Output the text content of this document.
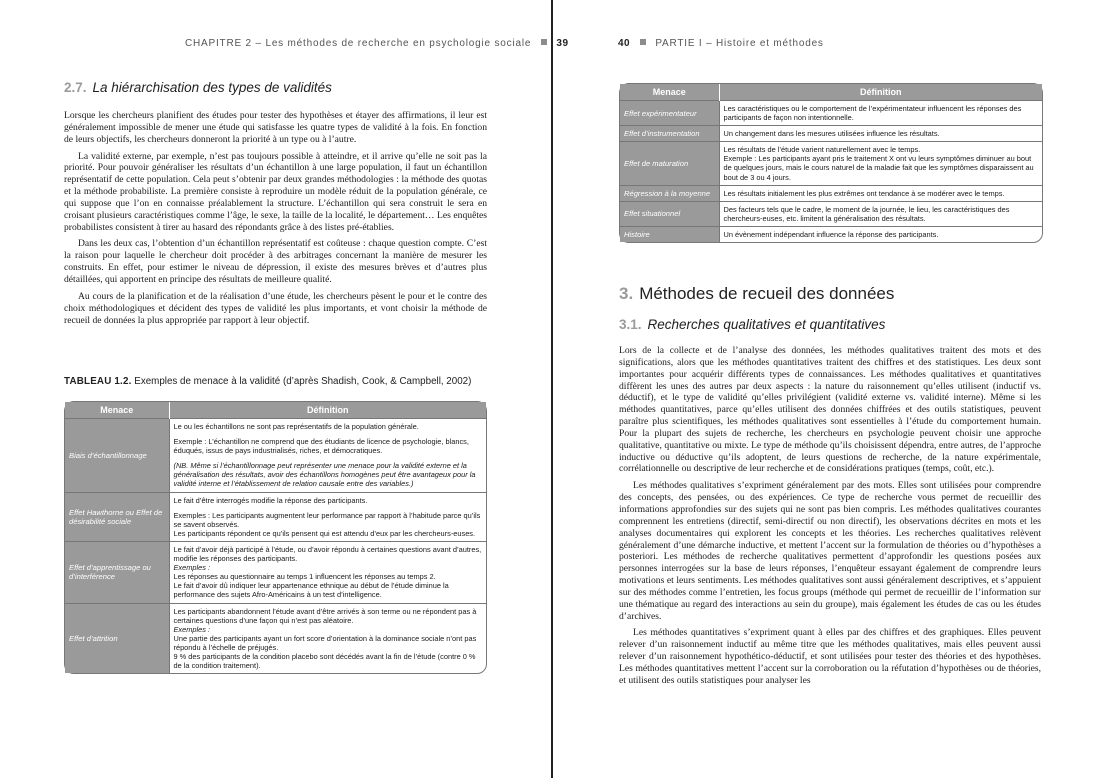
CHAPITRE 2 – Les méthodes de recherche en psychologie sociale	39
2.7. La hiérarchisation des types de validités

Lorsque les chercheurs planifient des études pour tester des hypothèses et étayer des affirmations, il leur est généralement impossible de mener une étude qui satisfasse les quatre types de validité à la fois. En fonction de leurs objectifs, les chercheurs donneront la priorité à un type ou à l’autre.

La validité externe, par exemple, n’est pas toujours possible à atteindre, et il arrive qu’elle ne soit pas la priorité. Pour pouvoir généraliser les résultats d’un échantillon à une large population, il faut un échantillon représentatif de cette population. Cela peut s’obtenir par deux grandes méthodologies : la méthode des quotas et la méthode probabiliste. La première consiste à reproduire un modèle réduit de la population générale, ce qui suppose que l’on en connaisse préalablement la structure. L’échantillon qui sera construit le sera en croisant plusieurs caractéristiques comme l’âge, le sexe, la taille de la localité, le département… Les enquêtes probabilistes consistent à tirer au hasard des répondants grâce à des listes pré-établies.

Dans les deux cas, l’obtention d’un échantillon représentatif est coûteuse : chaque question compte. C’est la raison pour laquelle le chercheur doit procéder à des arbitrages concernant la manière de mesurer les construits. En effet, pour estimer le niveau de dépression, il existe des mesures brèves et d’autres plus détaillées, qui apportent en principe des résultats de meilleure qualité.

Au cours de la planification et de la réalisation d’une étude, les chercheurs pèsent le pour et le contre des choix méthodologiques et décident des types de validité les plus importants, et vont choisir la méthode de recueil de données la plus appropriée par rapport à leur objectif.

TABLEAU 1.2. Exemples de menace à la validité (d’après Shadish, Cook, & Campbell, 2002)
Menace	Définition
Biais d’échantillonnage	Le ou les échantillons ne sont pas représentatifs de la population générale.
Exemple : L’échantillon ne comprend que des étudiants de licence de psychologie, blancs, éduqués, issus de pays industrialisés, riches, et démocratiques.
(NB. Même si l’échantillonnage peut représenter une menace pour la validité externe et la généralisation des résultats, avoir des échantillons homogènes peut être avantageux pour la validité interne et l’établissement de relation causale entre des variables.)

Effet Hawthorne ou Effet de désirabilité sociale	Le fait d’être interrogés modifie la réponse des participants.
Exemples : Les participants augmentent leur performance par rapport à l’habitude parce qu’ils se savent observés.
Les participants répondent ce qu’ils pensent qui est attendu d’eux par les chercheurs-euses.

Effet d’apprentissage ou d’interférence	Le fait d’avoir déjà participé à l’étude, ou d’avoir répondu à certaines questions avant d’autres, modifie les réponses des participants.
Exemples :
Les réponses au questionnaire au temps 1 influencent les réponses au temps 2.
Le fait d’avoir dû indiquer leur appartenance ethnique au début de l’étude diminue la performance des sujets Afro-Américains à un test d’intelligence.

Effet d’attrition	Les participants abandonnent l’étude avant d’être arrivés à son terme ou ne répondent pas à certaines questions d’une façon qui n’est pas aléatoire.
Exemples :
Une partie des participants ayant un fort score d’orientation à la dominance sociale n’ont pas répondu à l’échelle de préjugés.
9 % des participants de la condition placebo sont décédés avant la fin de l’étude (contre 0 % de la condition traitement).
40	PARTIE I – Histoire et méthodes
Menace	Définition
Effet expérimentateur	Les caractéristiques ou le comportement de l’expérimentateur influencent les réponses des participants de façon non intentionnelle.

Effet d’instrumentation	Un changement dans les mesures utilisées influence les résultats.

Effet de maturation	Les résultats de l’étude varient naturellement avec le temps.
Exemple : Les participants ayant pris le traitement X ont vu leurs symptômes diminuer au bout de quelques jours, mais le cours naturel de la maladie fait que les symptômes disparaissent au bout de 3 ou 4 jours.

Régression à la moyenne	Les résultats initialement les plus extrêmes ont tendance à se modérer avec le temps.

Effet situationnel	Des facteurs tels que le cadre, le moment de la journée, le lieu, les caractéristiques des chercheurs-euses, etc. limitent la généralisation des résultats.

Histoire	Un évènement indépendant influence la réponse des participants.
3. Méthodes de recueil des données
3.1. Recherches qualitatives et quantitatives

Lors de la collecte et de l’analyse des données, les méthodes qualitatives traitent des mots et des significations, alors que les méthodes quantitatives traitent des chiffres et des statistiques. Les deux sont importantes pour acquérir différents types de connaissances. Les méthodes qualitatives et quantitatives diffèrent les unes des autres par deux aspects : la nature du raisonnement qu’elles utilisent (inductif vs. déductif), et le type de validité qu’elles privilégient (validité externe vs. validité interne). Même si les méthodes quantitatives, parce qu’elles utilisent des données chiffrées et des outils statistiques, peuvent paraître plus scientifiques, les méthodes qualitatives sont essentielles à l’étude du comportement humain. Pour la plupart des sujets de recherche, les chercheurs en psychologie peuvent choisir une approche qualitative, quantitative ou mixte. Le type de méthode qu’ils choisissent dépendra, entre autres, de l’approche inductive ou déductive qu’ils adoptent, de leurs questions de recherche, de la nature expérimentale, corrélationnelle ou descriptive de leur recherche et de considérations pratiques (temps, coût, etc.).

Les méthodes qualitatives s’expriment généralement par des mots. Elles sont utilisées pour comprendre des concepts, des pensées, ou des expériences. Ce type de recherche vous permet de recueillir des informations approfondies sur des sujets qui ne sont pas bien compris. Les méthodes qualitatives courantes comprennent les entretiens (directif, semi-directif ou non directif), les observations décrites en mots et les analyses documentaires qui explorent les concepts et les théories. Les recherches qualitatives relèvent généralement d’une démarche inductive, et mettent l’accent sur la formulation de théories ou d’hypothèses a posteriori. Les méthodes de recherche qualitatives permettent d’approfondir les questions posées aux personnes interrogées sur la base de leurs réponses, l’enquêteur essayant également de comprendre leurs motivations et leurs sentiments. Les méthodes qualitatives sont aussi généralement descriptives, et s’appuient sur des méthodes comme l’entretien, les focus groups (méthode qui permet de recueillir de l’information sur une thématique au regard des interactions au sein du groupe), mais également les études de cas ou les études d’archives.

Les méthodes quantitatives s’expriment quant à elles par des chiffres et des graphiques. Elles peuvent relever d’un raisonnement inductif au même titre que les méthodes qualitatives, mais elles peuvent aussi relever d’un raisonnement hypothético-déductif, et sont utilisées pour tester des théories et des hypothèses. Les méthodes quantitatives mettent l’accent sur la corroboration ou la réfutation d’hypothèses ou de théories, et utilisent des outils statistiques pour analyser les
